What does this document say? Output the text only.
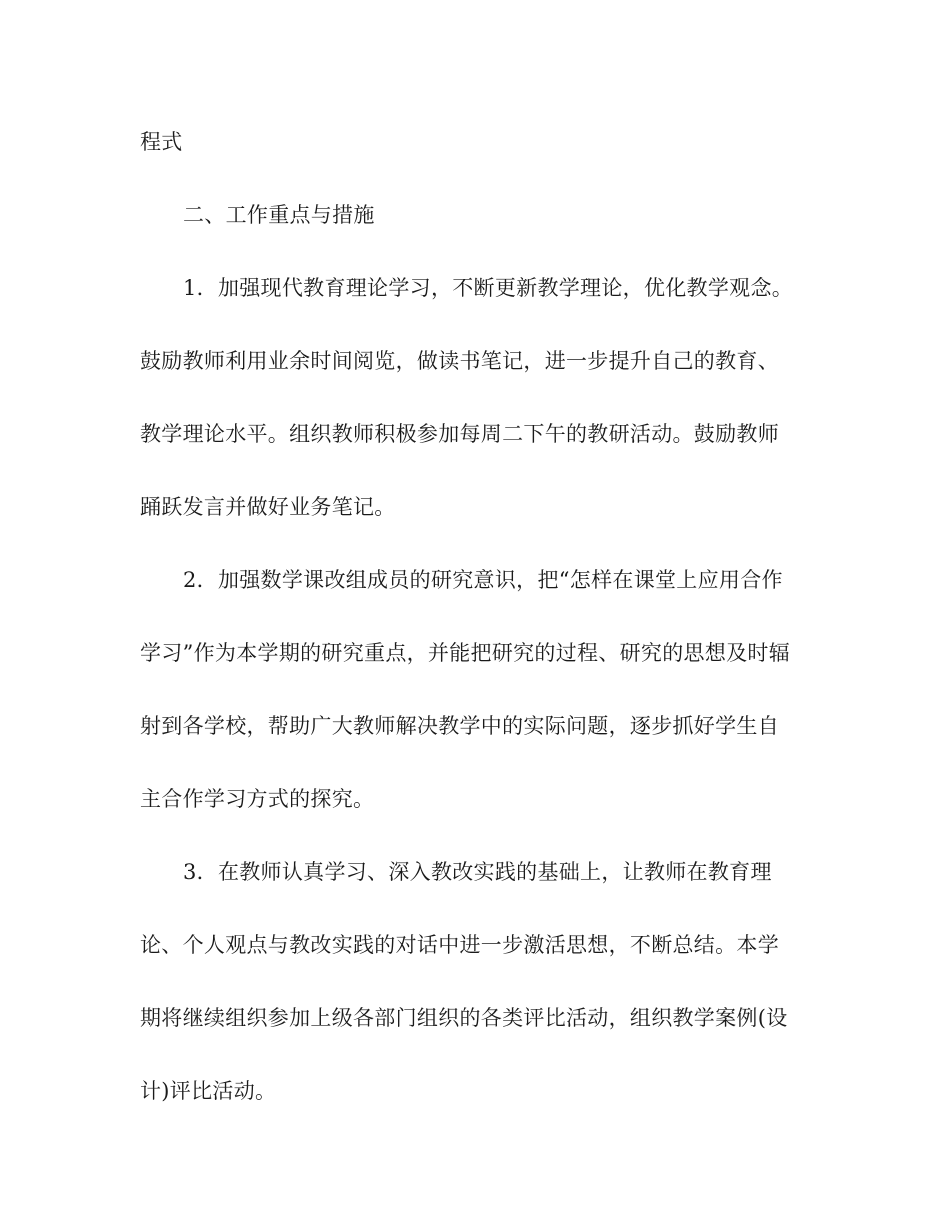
程式
二、工作重点与措施
1．加强现代教育理论学习，不断更新教学理论，优化教学观念。
鼓励教师利用业余时间阅览，做读书笔记，进一步提升自己的教育、
教学理论水平。组织教师积极参加每周二下午的教研活动。鼓励教师
踊跃发言并做好业务笔记。
2．加强数学课改组成员的研究意识，把“怎样在课堂上应用合作
学习”作为本学期的研究重点，并能把研究的过程、研究的思想及时辐
射到各学校，帮助广大教师解决教学中的实际问题，逐步抓好学生自
主合作学习方式的探究。
3．在教师认真学习、深入教改实践的基础上，让教师在教育理
论、个人观点与教改实践的对话中进一步激活思想，不断总结。本学
期将继续组织参加上级各部门组织的各类评比活动，组织教学案例(设
计)评比活动。
